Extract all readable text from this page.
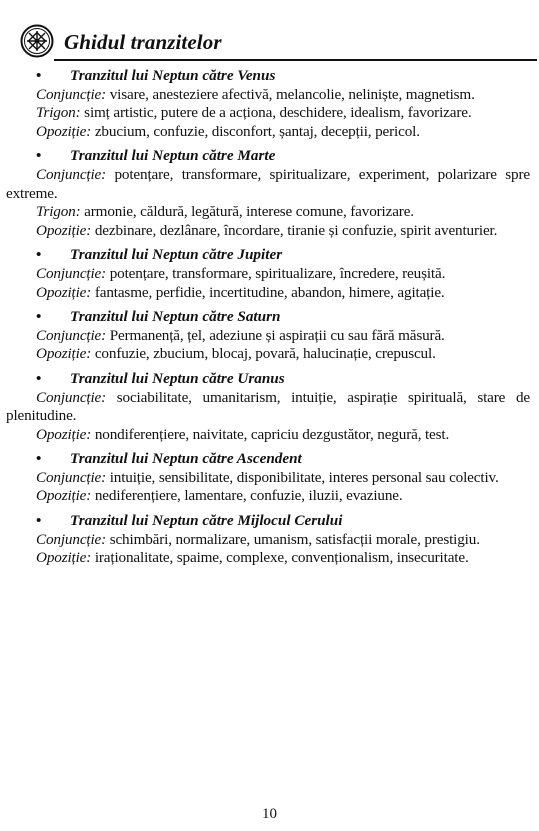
Ghidul tranzitelor
• Tranzitul lui Neptun către Venus

Conjuncție: visare, anesteziere afectivă, melancolie, neliniște, magnetism.

Trigon: simț artistic, putere de a acționa, deschidere, idealism, favorizare.

Opoziție: zbucium, confuzie, disconfort, șantaj, decepții, pericol.

• Tranzitul lui Neptun către Marte

Conjuncție: potențare, transformare, spiritualizare, experiment, polarizare spre extreme.

Trigon: armonie, căldură, legătură, interese comune, favorizare.

Opoziție: dezbinare, dezlânare, încordare, tiranie și confuzie, spirit aventurier.

• Tranzitul lui Neptun către Jupiter

Conjuncție: potențare, transformare, spiritualizare, încredere, reușită.

Opoziție: fantasme, perfidie, incertitudine, abandon, himere, agitație.

• Tranzitul lui Neptun către Saturn

Conjuncție: Permanență, țel, adeziune și aspirații cu sau fără măsură.

Opoziție: confuzie, zbucium, blocaj, povară, halucinație, crepuscul.

• Tranzitul lui Neptun către Uranus

Conjuncție: sociabilitate, umanitarism, intuiție, aspirație spirituală, stare de plenitudine.

Opoziție: nondiferențiere, naivitate, capriciu dezgustător, negură, test.

• Tranzitul lui Neptun către Ascendent

Conjuncție: intuiție, sensibilitate, disponibilitate, interes personal sau colectiv.

Opoziție: nediferențiere, lamentare, confuzie, iluzii, evaziune.

• Tranzitul lui Neptun către Mijlocul Cerului

Conjuncție: schimbări, normalizare, umanism, satisfacții morale, prestigiu.

Opoziție: iraționalitate, spaime, complexe, convenționalism, insecuritate.

10
